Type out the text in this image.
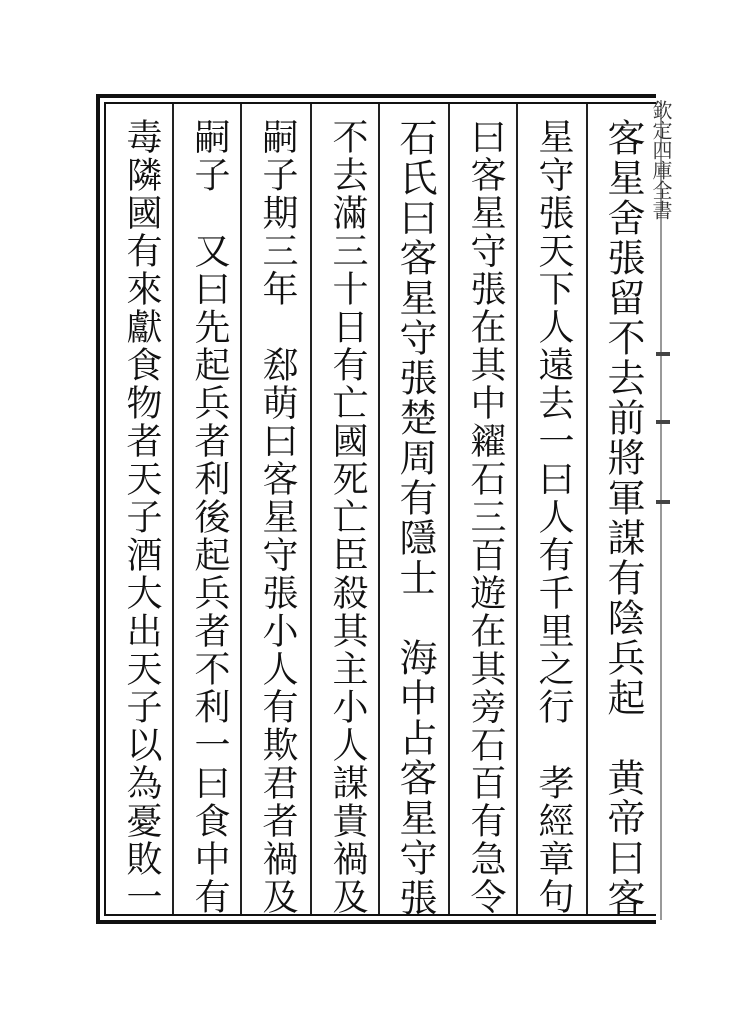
欽定四庫全書
客星舍張留不去前將軍謀有陰兵起　黄帝曰客
星守張天下人遠去一曰人有千里之行　孝經章句
曰客星守張在其中糴石三百遊在其旁石百有急令
石氏曰客星守張楚周有隱士　海中占客星守張
不去滿三十日有亡國死亡臣殺其主小人謀貴禍及
嗣子期三年　郄萌曰客星守張小人有欺君者禍及
嗣子　又曰先起兵者利後起兵者不利一曰食中有
毒隣國有來獻食物者天子酒大出天子以為憂敗一
